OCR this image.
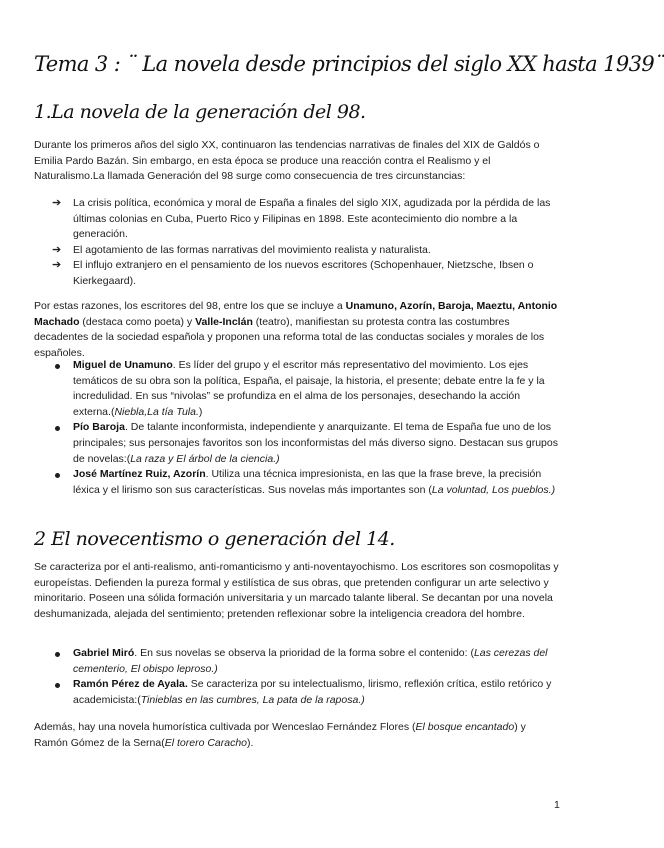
Tema 3 : ¨ La novela desde principios del siglo XX hasta 1939¨
1.La novela de la generación del 98.

Durante los primeros años del siglo XX, continuaron las tendencias narrativas de finales del XIX de Galdós o Emilia Pardo Bazán. Sin embargo, en esta época se produce una reacción contra el Realismo y el Naturalismo.La llamada Generación del 98 surge como consecuencia de tres circunstancias:

➔ La crisis política, económica y moral de España a finales del siglo XIX, agudizada por la pérdida de las últimas colonias en Cuba, Puerto Rico y Filipinas en 1898. Este acontecimiento dio nombre a la generación.
➔ El agotamiento de las formas narrativas del movimiento realista y naturalista.
➔ El influjo extranjero en el pensamiento de los nuevos escritores (Schopenhauer, Nietzsche, Ibsen o Kierkegaard).

Por estas razones, los escritores del 98, entre los que se incluye a Unamuno, Azorín, Baroja, Maeztu, Antonio Machado (destaca como poeta) y Valle-Inclán (teatro), manifiestan su protesta contra las costumbres decadentes de la sociedad española y proponen una reforma total de las conductas sociales y morales de los españoles.

Miguel de Unamuno. Es líder del grupo y el escritor más representativo del movimiento. Los ejes temáticos de su obra son la política, España, el paisaje, la historia, el presente; debate entre la fe y la incredulidad. En sus “nivolas” se profundiza en el alma de los personajes, desechando la acción externa.(Niebla,La tía Tula.)
Pío Baroja. De talante inconformista, independiente y anarquizante. El tema de España fue uno de los principales; sus personajes favoritos son los inconformistas del más diverso signo. Destacan sus grupos de novelas:(La raza y El árbol de la ciencia.)
José Martínez Ruiz, Azorín. Utiliza una técnica impresionista, en las que la frase breve, la precisión léxica y el lirismo son sus características. Sus novelas más importantes son (La voluntad, Los pueblos.)
2 El novecentismo o generación del 14.

Se caracteriza por el anti-realismo, anti-romanticismo y anti-noventayochismo. Los escritores son cosmopolitas y europeístas. Defienden la pureza formal y estilística de sus obras, que pretenden configurar un arte selectivo y minoritario. Poseen una sólida formación universitaria y un marcado talante liberal. Se decantan por una novela deshumanizada, alejada del sentimiento; pretenden reflexionar sobre la inteligencia creadora del hombre.

Gabriel Miró. En sus novelas se observa la prioridad de la forma sobre el contenido: (Las cerezas del cementerio, El obispo leproso.)
Ramón Pérez de Ayala. Se caracteriza por su intelectualismo, lirismo, reflexión crítica, estilo retórico y academicista:(Tinieblas en las cumbres, La pata de la raposa.)

Además, hay una novela humorística cultivada por Wenceslao Fernández Flores (El bosque encantado) y Ramón Gómez de la Serna(El torero Caracho).

1
